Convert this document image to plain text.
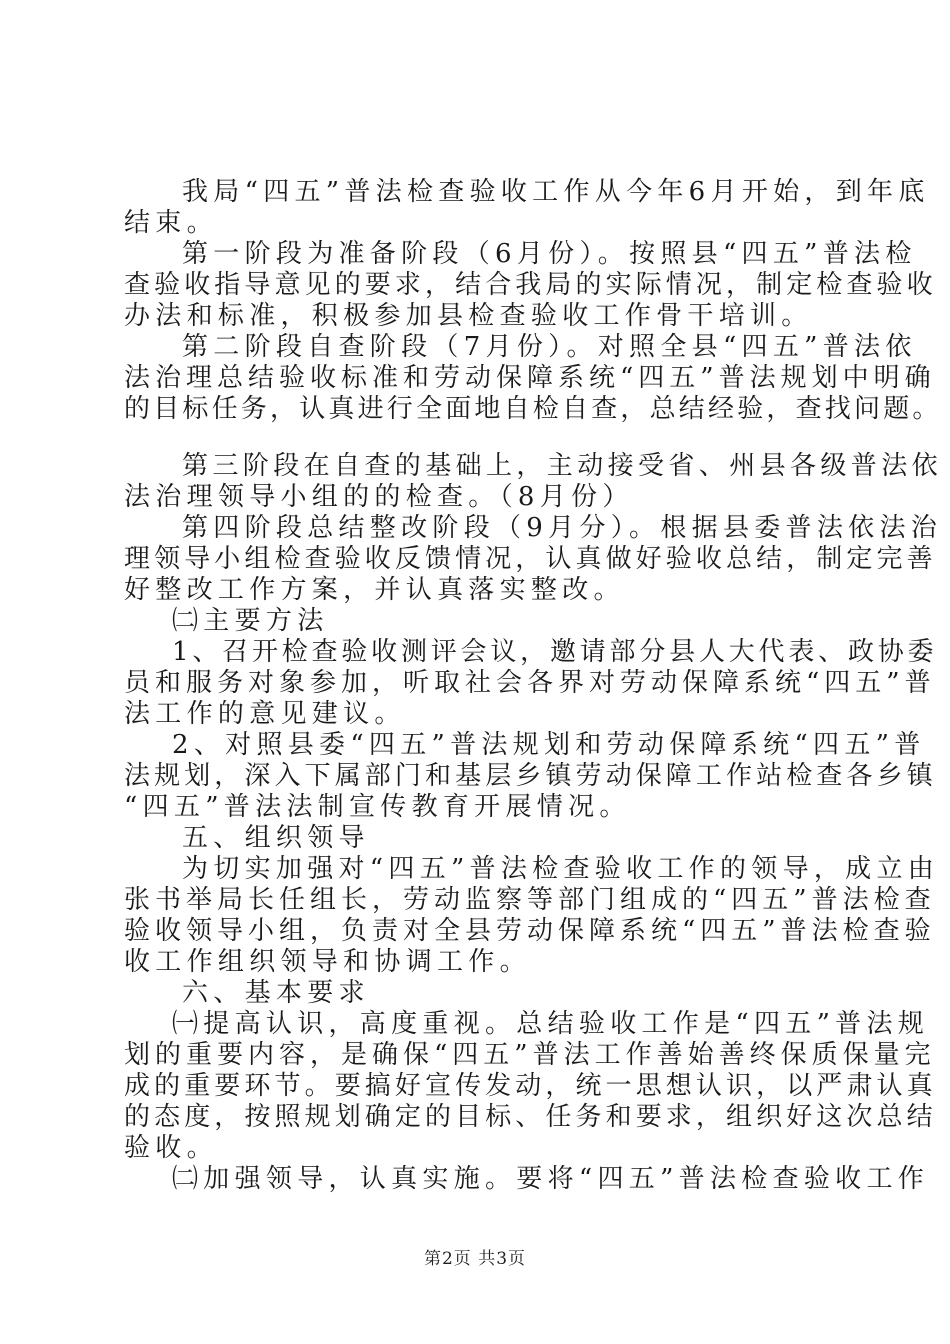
我局“四五”普法检查验收工作从今年6月开始，到年底
结束。
第一阶段为准备阶段（6月份）。按照县“四五”普法检
查验收指导意见的要求，结合我局的实际情况，制定检查验收
办法和标准，积极参加县检查验收工作骨干培训。
第二阶段自查阶段（7月份）。对照全县“四五”普法依
法治理总结验收标准和劳动保障系统“四五”普法规划中明确
的目标任务，认真进行全面地自检自查，总结经验，查找问题。
第三阶段在自查的基础上，主动接受省、州县各级普法依
法治理领导小组的的检查。（8月份）
第四阶段总结整改阶段（9月分）。根据县委普法依法治
理领导小组检查验收反馈情况，认真做好验收总结，制定完善
好整改工作方案，并认真落实整改。
㈡主要方法
1、召开检查验收测评会议，邀请部分县人大代表、政协委
员和服务对象参加，听取社会各界对劳动保障系统“四五”普
法工作的意见建议。
2、对照县委“四五”普法规划和劳动保障系统“四五”普
法规划，深入下属部门和基层乡镇劳动保障工作站检查各乡镇
“四五”普法法制宣传教育开展情况。
五、组织领导
为切实加强对“四五”普法检查验收工作的领导，成立由
张书举局长任组长，劳动监察等部门组成的“四五”普法检查
验收领导小组，负责对全县劳动保障系统“四五”普法检查验
收工作组织领导和协调工作。
六、基本要求
㈠提高认识，高度重视。总结验收工作是“四五”普法规
划的重要内容，是确保“四五”普法工作善始善终保质保量完
成的重要环节。要搞好宣传发动，统一思想认识，以严肃认真
的态度，按照规划确定的目标、任务和要求，组织好这次总结
验收。
㈡加强领导，认真实施。要将“四五”普法检查验收工作
第2页 共3页
